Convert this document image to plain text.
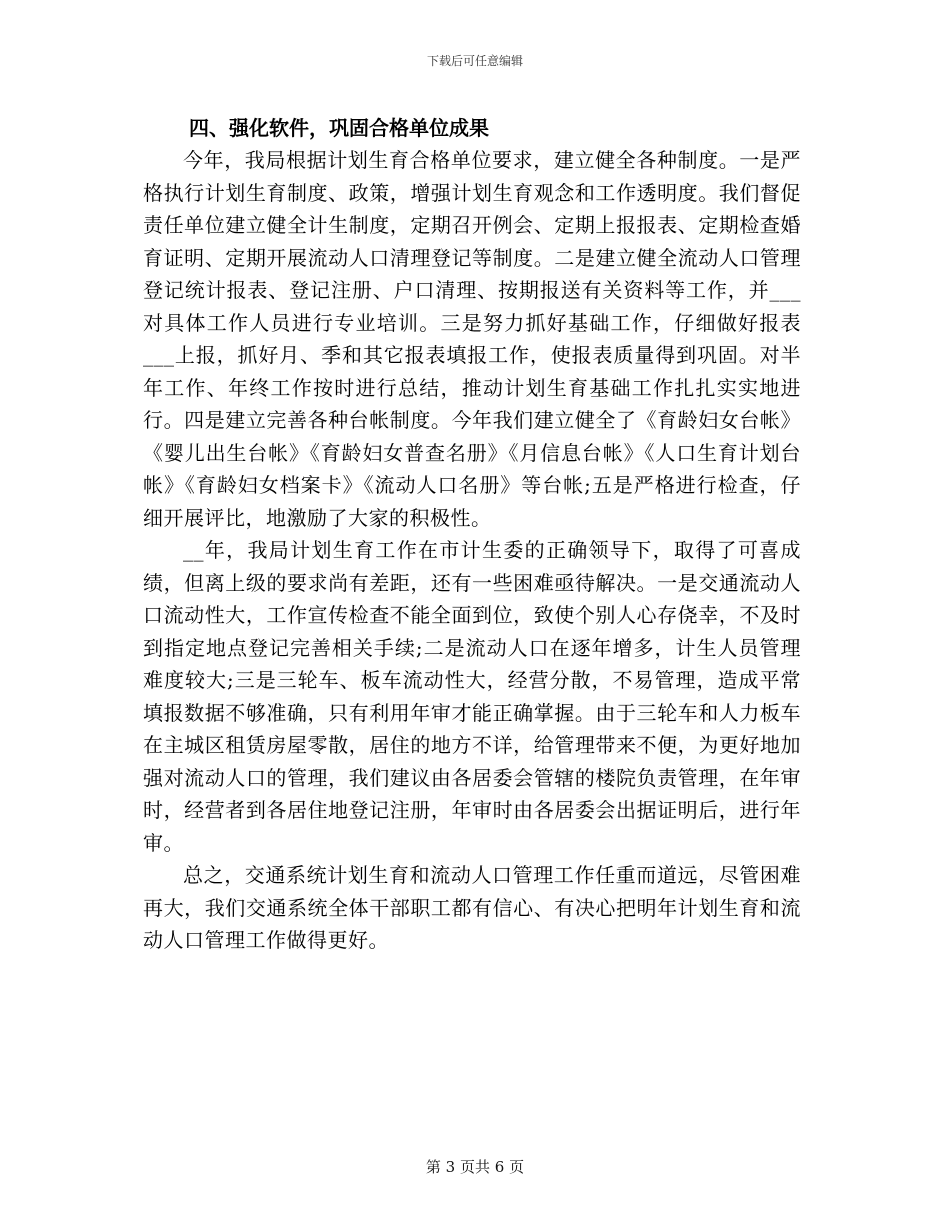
下载后可任意编辑
四、强化软件，巩固合格单位成果

今年，我局根据计划生育合格单位要求，建立健全各种制度。一是严格执行计划生育制度、政策，增强计划生育观念和工作透明度。我们督促责任单位建立健全计生制度，定期召开例会、定期上报报表、定期检查婚育证明、定期开展流动人口清理登记等制度。二是建立健全流动人口管理登记统计报表、登记注册、户口清理、按期报送有关资料等工作，并___对具体工作人员进行专业培训。三是努力抓好基础工作，仔细做好报表___上报，抓好月、季和其它报表填报工作，使报表质量得到巩固。对半年工作、年终工作按时进行总结，推动计划生育基础工作扎扎实实地进行。四是建立完善各种台帐制度。今年我们建立健全了《育龄妇女台帐》《婴儿出生台帐》《育龄妇女普查名册》《月信息台帐》《人口生育计划台帐》《育龄妇女档案卡》《流动人口名册》等台帐;五是严格进行检查，仔细开展评比，地激励了大家的积极性。

__年，我局计划生育工作在市计生委的正确领导下，取得了可喜成绩，但离上级的要求尚有差距，还有一些困难亟待解决。一是交通流动人口流动性大，工作宣传检查不能全面到位，致使个别人心存侥幸，不及时到指定地点登记完善相关手续;二是流动人口在逐年增多，计生人员管理难度较大;三是三轮车、板车流动性大，经营分散，不易管理，造成平常填报数据不够准确，只有利用年审才能正确掌握。由于三轮车和人力板车在主城区租赁房屋零散，居住的地方不详，给管理带来不便，为更好地加强对流动人口的管理，我们建议由各居委会管辖的楼院负责管理，在年审时，经营者到各居住地登记注册，年审时由各居委会出据证明后，进行年审。

总之，交通系统计划生育和流动人口管理工作任重而道远，尽管困难再大，我们交通系统全体干部职工都有信心、有决心把明年计划生育和流动人口管理工作做得更好。

第 3 页共 6 页
